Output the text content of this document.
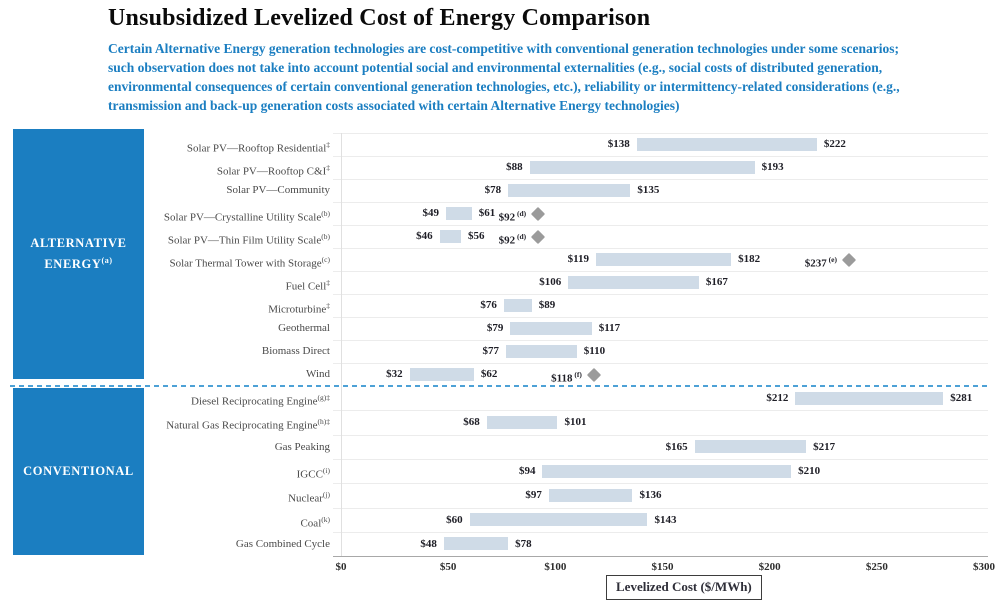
Unsubsidized Levelized Cost of Energy Comparison
Certain Alternative Energy generation technologies are cost-competitive with conventional generation technologies under some scenarios;
such observation does not take into account potential social and environmental externalities (e.g., social costs of distributed generation,
environmental consequences of certain conventional generation technologies, etc.), reliability or intermittency-related considerations (e.g.,
transmission and back-up generation costs associated with certain Alternative Energy technologies)
ALTERNATIVE
ENERGY$^{(a)}$
CONVENTIONAL
Solar PV—Rooftop Residential‡	$138	$222
Solar PV—Rooftop C&I‡	$88	$193
Solar PV—Community	$78	$135
Solar PV—Crystalline Utility Scale$^{(b)}$	$49	$61 $92 $^{(d)}$
Solar PV—Thin Film Utility Scale$^{(b)}$	$46	$56	$92 $^{(d)}$
Solar Thermal Tower with Storage$^{(c)}$	$119	$182	$237 $^{(e)}$
Fuel Cell‡	$106	$167
Microturbine‡	$76	$89
Geothermal	$79	$117
Biomass Direct	$77	$110
Wind	$32	$62	$118 $^{(f)}$
Diesel Reciprocating Engine$^{(g)\ddagger}$	$212	$281
Natural Gas Reciprocating Engine$^{(h)\ddagger}$	$68	$101
Gas Peaking	$165	$217
IGCC$^{(i)}$	$94	$210
Nuclear$^{(j)}$	$97	$136
Coal$^{(k)}$	$60	$143
Gas Combined Cycle	$48	$78
$0	$50	$100	$150	$200	$250	$300
Levelized Cost ($/MWh)
